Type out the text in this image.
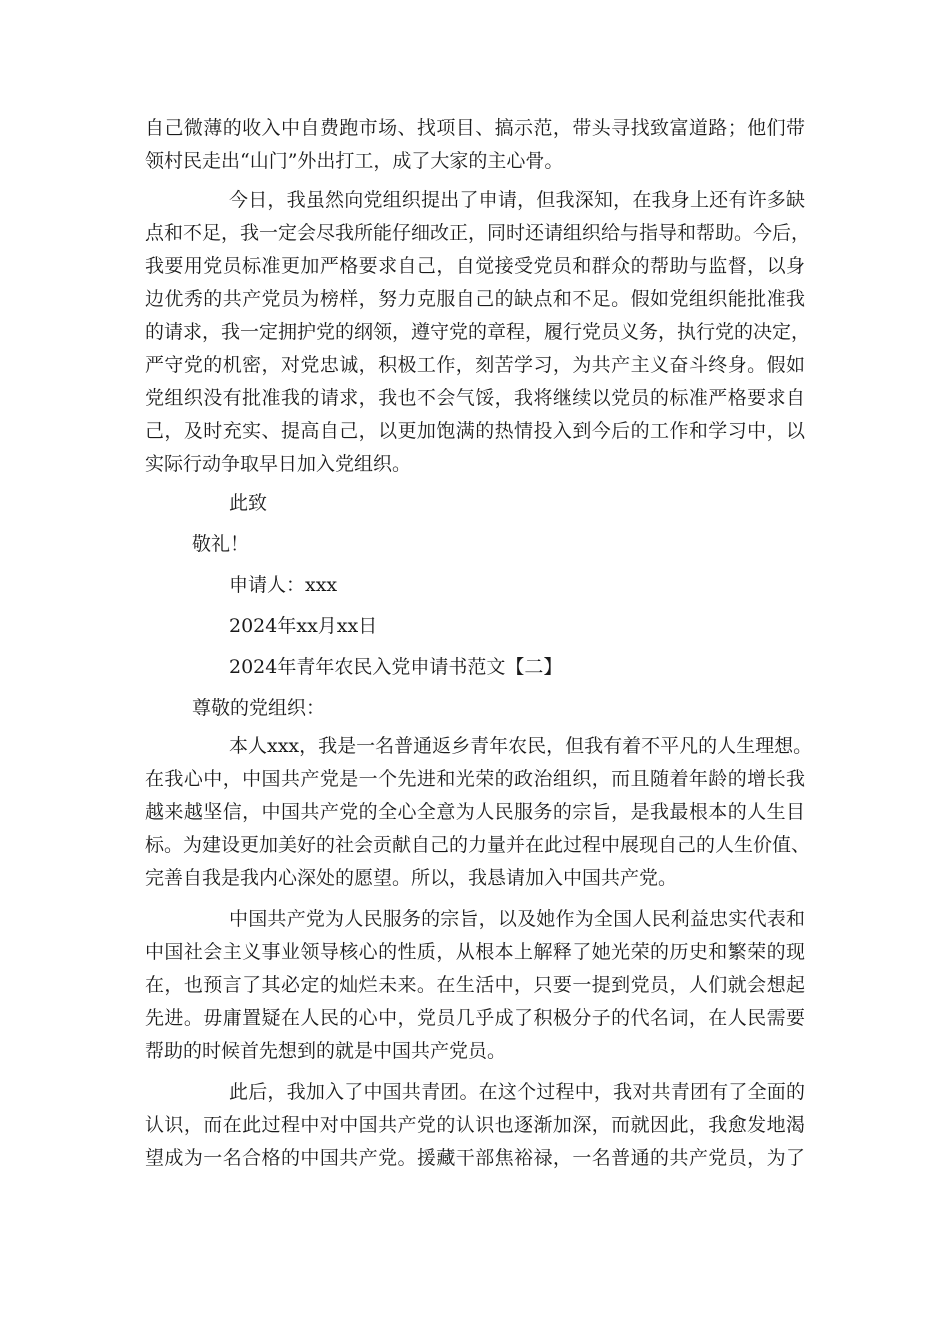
自己微薄的收入中自费跑市场、找项目、搞示范，带头寻找致富道路；他们带
领村民走出“山门”外出打工，成了大家的主心骨。
今日，我虽然向党组织提出了申请，但我深知，在我身上还有许多缺
点和不足，我一定会尽我所能仔细改正，同时还请组织给与指导和帮助。今后，
我要用党员标准更加严格要求自己，自觉接受党员和群众的帮助与监督，以身
边优秀的共产党员为榜样，努力克服自己的缺点和不足。假如党组织能批准我
的请求，我一定拥护党的纲领，遵守党的章程，履行党员义务，执行党的决定，
严守党的机密，对党忠诚，积极工作，刻苦学习，为共产主义奋斗终身。假如
党组织没有批准我的请求，我也不会气馁，我将继续以党员的标准严格要求自
己，及时充实、提高自己，以更加饱满的热情投入到今后的工作和学习中，以
实际行动争取早日加入党组织。

此致

敬礼！

申请人：xxx

2024年xx月xx日

2024年青年农民入党申请书范文【二】

尊敬的党组织：

本人xxx，我是一名普通返乡青年农民，但我有着不平凡的人生理想。
在我心中，中国共产党是一个先进和光荣的政治组织，而且随着年龄的增长我
越来越坚信，中国共产党的全心全意为人民服务的宗旨，是我最根本的人生目
标。为建设更加美好的社会贡献自己的力量并在此过程中展现自己的人生价值、
完善自我是我内心深处的愿望。所以，我恳请加入中国共产党。
中国共产党为人民服务的宗旨，以及她作为全国人民利益忠实代表和
中国社会主义事业领导核心的性质，从根本上解释了她光荣的历史和繁荣的现
在，也预言了其必定的灿烂未来。在生活中，只要一提到党员，人们就会想起
先进。毋庸置疑在人民的心中，党员几乎成了积极分子的代名词，在人民需要
帮助的时候首先想到的就是中国共产党员。
此后，我加入了中国共青团。在这个过程中，我对共青团有了全面的
认识，而在此过程中对中国共产党的认识也逐渐加深，而就因此，我愈发地渴
望成为一名合格的中国共产党。援藏干部焦裕禄，一名普通的共产党员，为了
